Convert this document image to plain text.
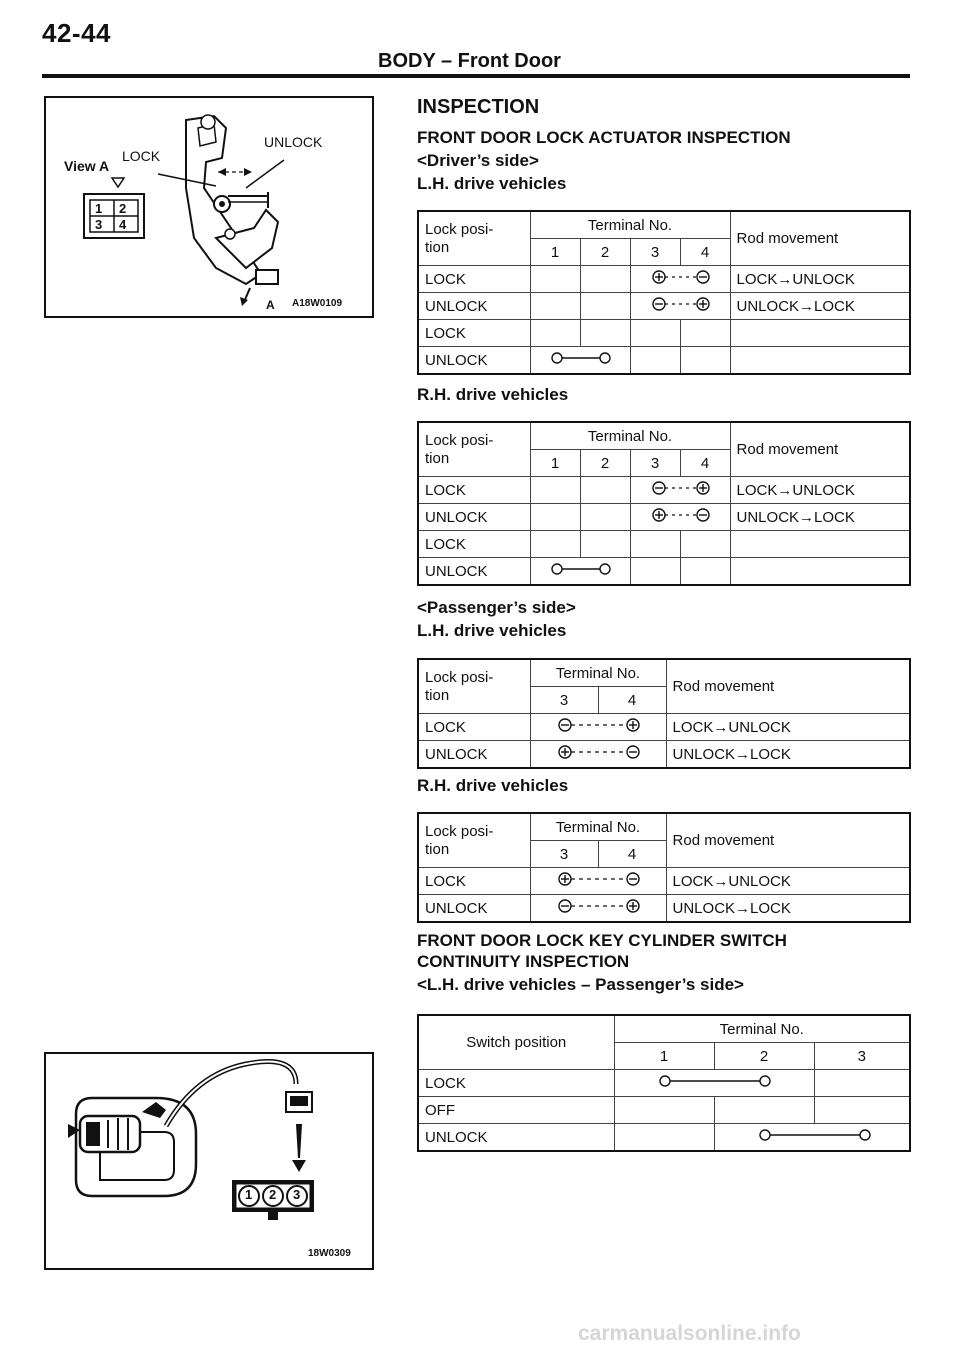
42-44
BODY – Front Door
View A
LOCK
UNLOCK
1 2
3 4
A A18W0109
1 2 3
18W0309
INSPECTION
FRONT DOOR LOCK ACTUATOR INSPECTION
<Driver’s side>
L.H. drive vehicles
Lock posi-
tion	Terminal No.				Rod movement
	1	2	3	4	
LOCK					LOCK→UNLOCK
UNLOCK					UNLOCK→LOCK
LOCK					
UNLOCK				
R.H. drive vehicles
Lock posi-
tion	Terminal No.				Rod movement
	1	2	3	4	
LOCK					LOCK→UNLOCK
UNLOCK					UNLOCK→LOCK
LOCK					
UNLOCK				
<Passenger’s side>
L.H. drive vehicles
Lock posi-
tion	Terminal No.		Rod movement
	3	4	
LOCK			LOCK→UNLOCK
UNLOCK			UNLOCK→LOCK
R.H. drive vehicles
Lock posi-
tion	Terminal No.		Rod movement
	3	4	
LOCK			LOCK→UNLOCK
UNLOCK			UNLOCK→LOCK
FRONT DOOR LOCK KEY CYLINDER SWITCH
CONTINUITY INSPECTION
<L.H. drive vehicles – Passenger’s side>
Switch position	Terminal No.		
	1	2	3
LOCK		
OFF			
UNLOCK		
carmanualsonline.info
